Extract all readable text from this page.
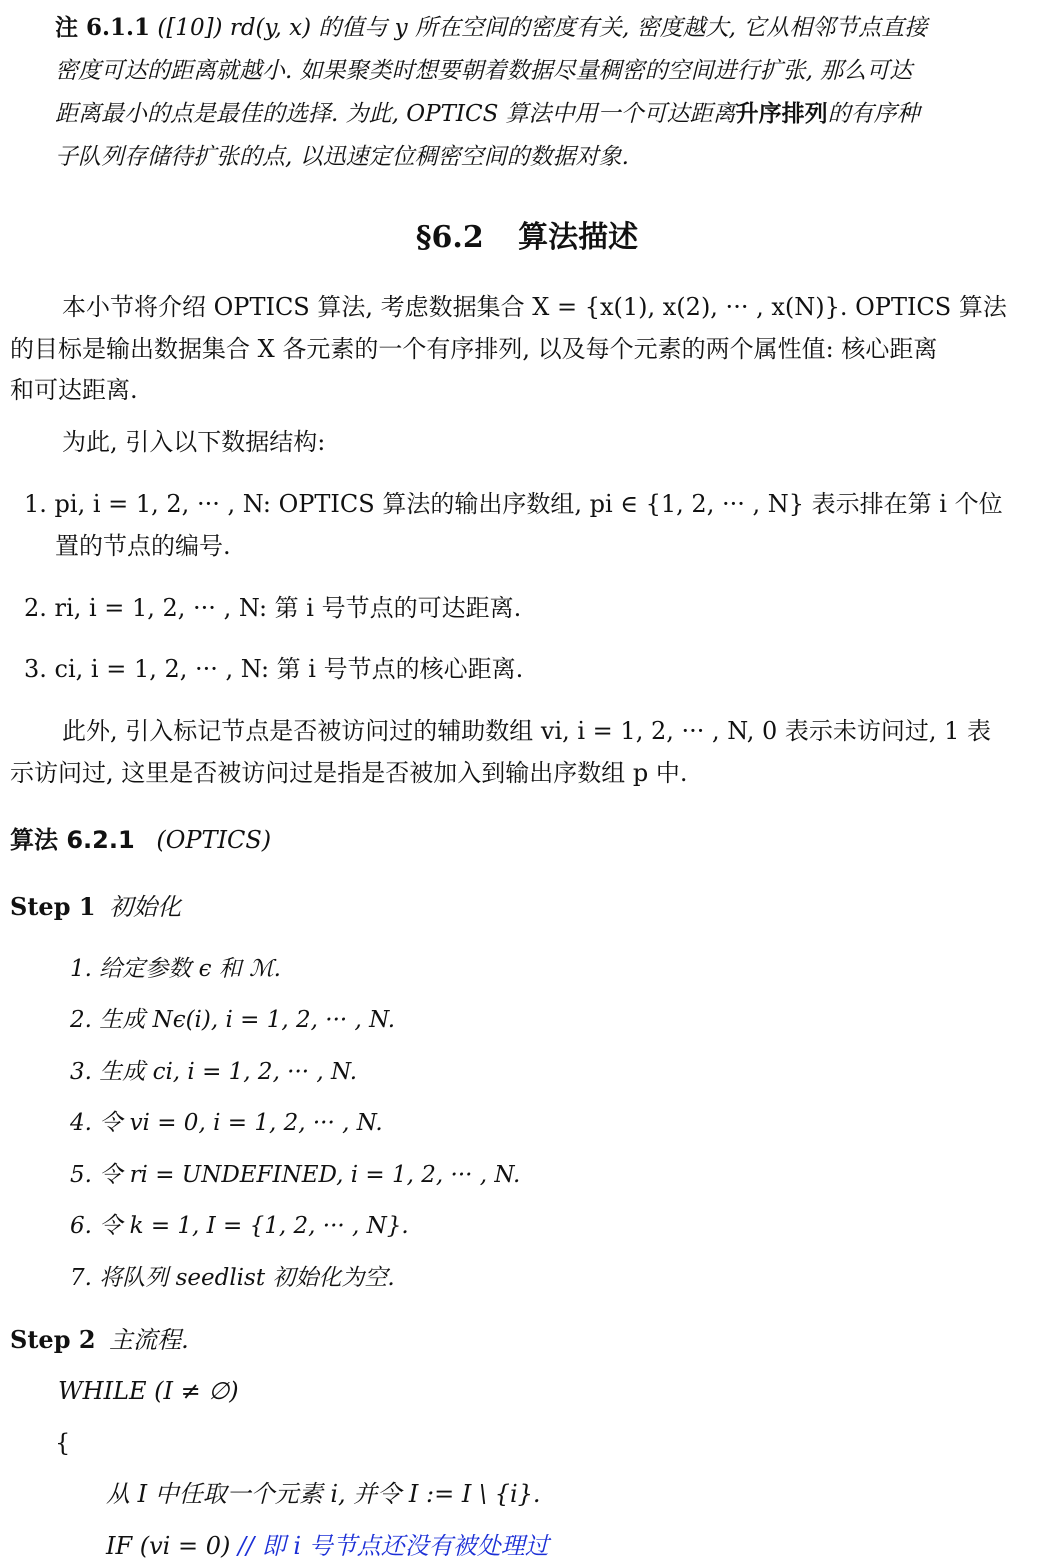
注 6.1.1 ([10]) rd(y, x) 的值与 y 所在空间的密度有关, 密度越大, 它从相邻节点直接
密度可达的距离就越小. 如果聚类时想要朝着数据尽量稠密的空间进行扩张, 那么可达
距离最小的点是最佳的选择. 为此, OPTICS 算法中用一个可达距离升序排列的有序种
子队列存储待扩张的点, 以迅速定位稠密空间的数据对象.
§6.2 算法描述
本小节将介绍 OPTICS 算法, 考虑数据集合 X = {x(1), x(2), ··· , x(N)}. OPTICS 算法
的目标是输出数据集合 X 各元素的一个有序排列, 以及每个元素的两个属性值: 核心距离
和可达距离.
为此, 引入以下数据结构:
1. pi, i = 1, 2, ··· , N: OPTICS 算法的输出序数组, pi ∈ {1, 2, ··· , N} 表示排在第 i 个位
置的节点的编号.
2. ri, i = 1, 2, ··· , N: 第 i 号节点的可达距离.
3. ci, i = 1, 2, ··· , N: 第 i 号节点的核心距离.
此外, 引入标记节点是否被访问过的辅助数组 vi, i = 1, 2, ··· , N, 0 表示未访问过, 1 表
示访问过, 这里是否被访问过是指是否被加入到输出序数组 p 中.
算法 6.2.1 (OPTICS)
Step 1 初始化
1. 给定参数 ϵ 和 ℳ.
2. 生成 Nϵ(i), i = 1, 2, ··· , N.
3. 生成 ci, i = 1, 2, ··· , N.
4. 令 vi = 0, i = 1, 2, ··· , N.
5. 令 ri = UNDEFINED, i = 1, 2, ··· , N.
6. 令 k = 1, I = {1, 2, ··· , N}.
7. 将队列 seedlist 初始化为空.
Step 2 主流程.
WHILE (I ≠ ∅)
{
从 I 中任取一个元素 i, 并令 I := I \ {i}.
IF (vi = 0) // 即 i 号节点还没有被处理过
